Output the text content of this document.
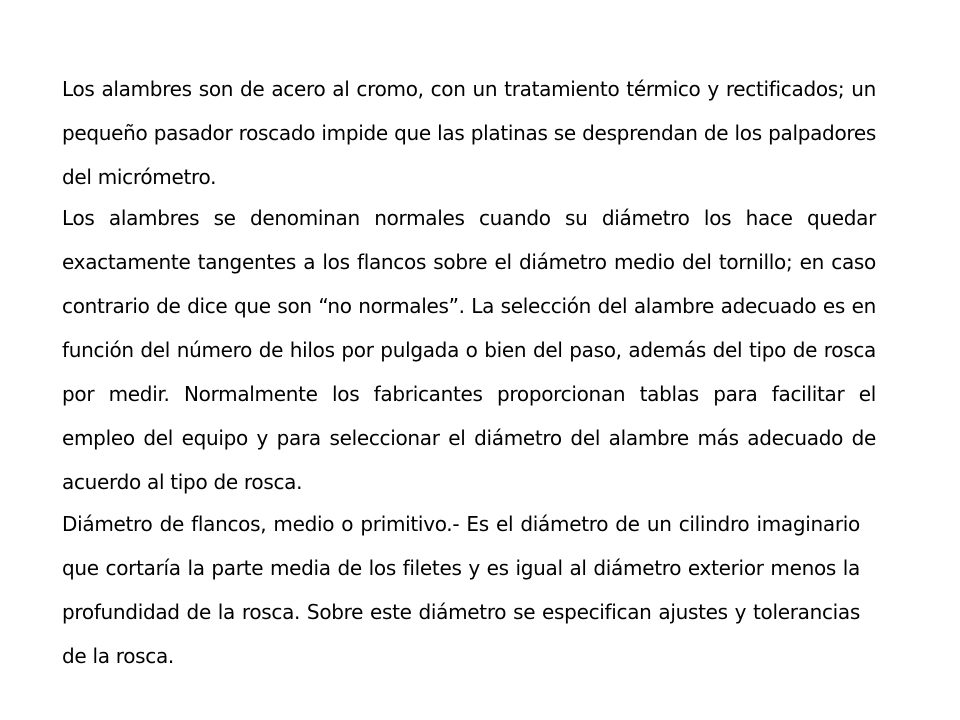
Los alambres son de acero al cromo, con un tratamiento térmico y rectificados; un pequeño pasador roscado impide que las platinas se desprendan de los palpadores del micrómetro.

Los alambres se denominan normales cuando su diámetro los hace quedar exactamente tangentes a los flancos sobre el diámetro medio del tornillo; en caso contrario de dice que son “no normales”. La selección del alambre adecuado es en función del número de hilos por pulgada o bien del paso, además del tipo de rosca por medir. Normalmente los fabricantes proporcionan tablas para facilitar el empleo del equipo y para seleccionar el diámetro del alambre más adecuado de acuerdo al tipo de rosca.

Diámetro de flancos, medio o primitivo.- Es el diámetro de un cilindro imaginario que cortaría la parte media de los filetes y es igual al diámetro exterior menos la profundidad de la rosca. Sobre este diámetro se especifican ajustes y tolerancias de la rosca.
